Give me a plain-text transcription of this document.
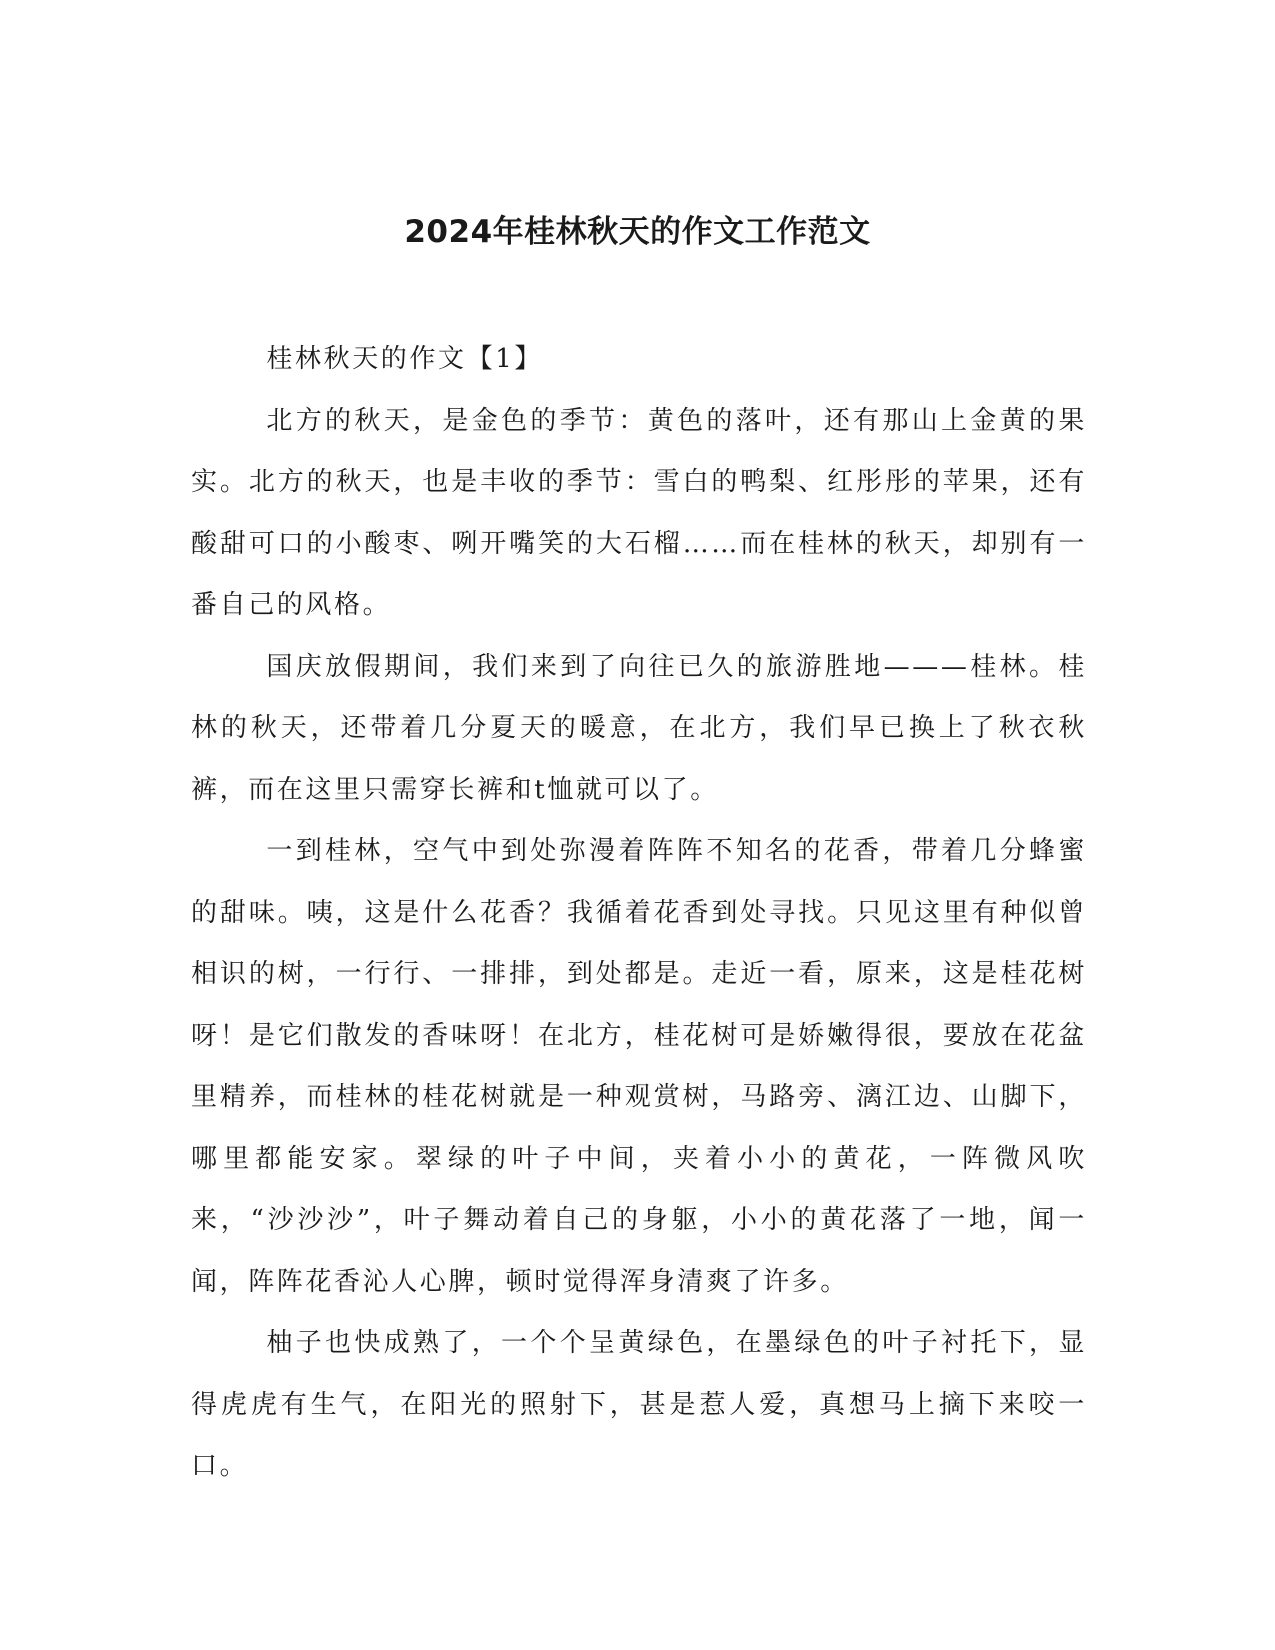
2024年桂林秋天的作文工作范文

桂林秋天的作文【1】

北方的秋天，是金色的季节：黄色的落叶，还有那山上金黄的果实。北方的秋天，也是丰收的季节：雪白的鸭梨、红彤彤的苹果，还有酸甜可口的小酸枣、咧开嘴笑的大石榴……而在桂林的秋天，却别有一番自己的风格。

国庆放假期间，我们来到了向往已久的旅游胜地———桂林。桂林的秋天，还带着几分夏天的暖意，在北方，我们早已换上了秋衣秋裤，而在这里只需穿长裤和t恤就可以了。

一到桂林，空气中到处弥漫着阵阵不知名的花香，带着几分蜂蜜的甜味。咦，这是什么花香？我循着花香到处寻找。只见这里有种似曾相识的树，一行行、一排排，到处都是。走近一看，原来，这是桂花树呀！是它们散发的香味呀！在北方，桂花树可是娇嫩得很，要放在花盆里精养，而桂林的桂花树就是一种观赏树，马路旁、漓江边、山脚下，哪里都能安家。翠绿的叶子中间，夹着小小的黄花，一阵微风吹来，“沙沙沙”，叶子舞动着自己的身躯，小小的黄花落了一地，闻一闻，阵阵花香沁人心脾，顿时觉得浑身清爽了许多。

柚子也快成熟了，一个个呈黄绿色，在墨绿色的叶子衬托下，显得虎虎有生气，在阳光的照射下，甚是惹人爱，真想马上摘下来咬一口。
